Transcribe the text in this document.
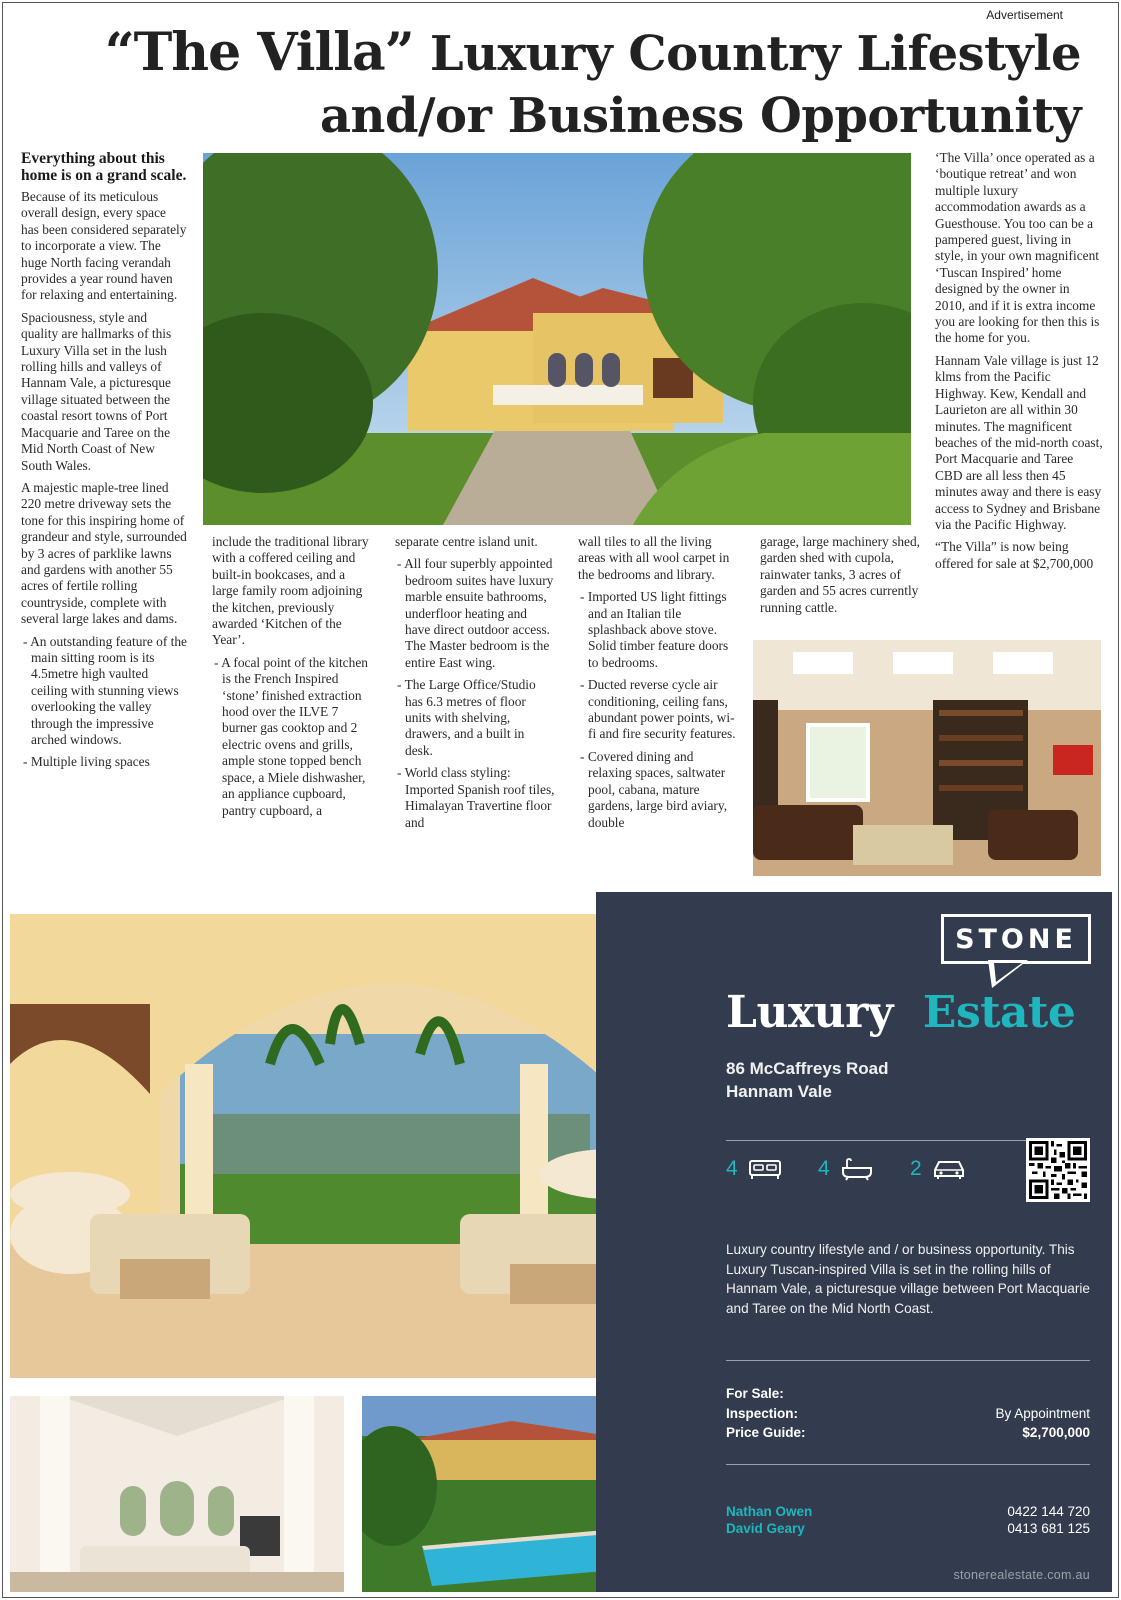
Advertisement
“The Villa” Luxury Country Lifestyle
and/or Business Opportunity

Everything about this home is on a grand scale.

Because of its meticulous overall design, every space has been considered separately to incorporate a view. The huge North facing verandah provides a year round haven for relaxing and entertaining.

Spaciousness, style and quality are hallmarks of this Luxury Villa set in the lush rolling hills and valleys of Hannam Vale, a picturesque village situated between the coastal resort towns of Port Macquarie and Taree on the Mid North Coast of New South Wales.

A majestic maple-tree lined 220 metre driveway sets the tone for this inspiring home of grandeur and style, surrounded by 3 acres of parklike lawns and gardens with another 55 acres of fertile rolling countryside, complete with several large lakes and dams.

- An outstanding feature of the main sitting room is its 4.5metre high vaulted ceiling with stunning views overlooking the valley through the impressive arched windows.
- Multiple living spaces

‘The Villa’ once operated as a ‘boutique retreat’ and won multiple luxury accommodation awards as a Guesthouse. You too can be a pampered guest, living in style, in your own magnificent ‘Tuscan Inspired’ home designed by the owner in 2010, and if it is extra income you are looking for then this is the home for you.

Hannam Vale village is just 12 klms from the Pacific Highway. Kew, Kendall and Laurieton are all within 30 minutes. The magnificent beaches of the mid-north coast, Port Macquarie and Taree CBD are all less then 45 minutes away and there is easy access to Sydney and Brisbane via the Pacific Highway.

“The Villa” is now being offered for sale at $2,700,000

include the traditional library with a coffered ceiling and built-in bookcases, and a large family room adjoining the kitchen, previously awarded ‘Kitchen of the Year’.

- A focal point of the kitchen is the French Inspired ‘stone’ finished extraction hood over the ILVE 7 burner gas cooktop and 2 electric ovens and grills, ample stone topped bench space, a Miele dishwasher, an appliance cupboard, pantry cupboard, a

separate centre island unit.

- All four superbly appointed bedroom suites have luxury marble ensuite bathrooms, underfloor heating and have direct outdoor access. The Master bedroom is the entire East wing.
- The Large Office/Studio has 6.3 metres of floor units with shelving, drawers, and a built in desk.
- World class styling: Imported Spanish roof tiles, Himalayan Travertine floor and

wall tiles to all the living areas with all wool carpet in the bedrooms and library.

- Imported US light fittings and an Italian tile splashback above stove. Solid timber feature doors to bedrooms.
- Ducted reverse cycle air conditioning, ceiling fans, abundant power points, wi-fi and fire security features.
- Covered dining and relaxing spaces, saltwater pool, cabana, mature gardens, large bird aviary, double

garage, large machinery shed, garden shed with cupola, rainwater tanks, 3 acres of garden and 55 acres currently running cattle.

STONE
Luxury Estate
86 McCaffreys Road
Hannam Vale
4	4	2
Luxury country lifestyle and / or business opportunity. This Luxury Tuscan-inspired Villa is set in the rolling hills of Hannam Vale, a picturesque village between Port Macquarie and Taree on the Mid North Coast.
For Sale:
Inspection:	By Appointment
Price Guide:	$2,700,000
Nathan Owen	0422 144 720
David Geary	0413 681 125
stonerealestate.com.au
